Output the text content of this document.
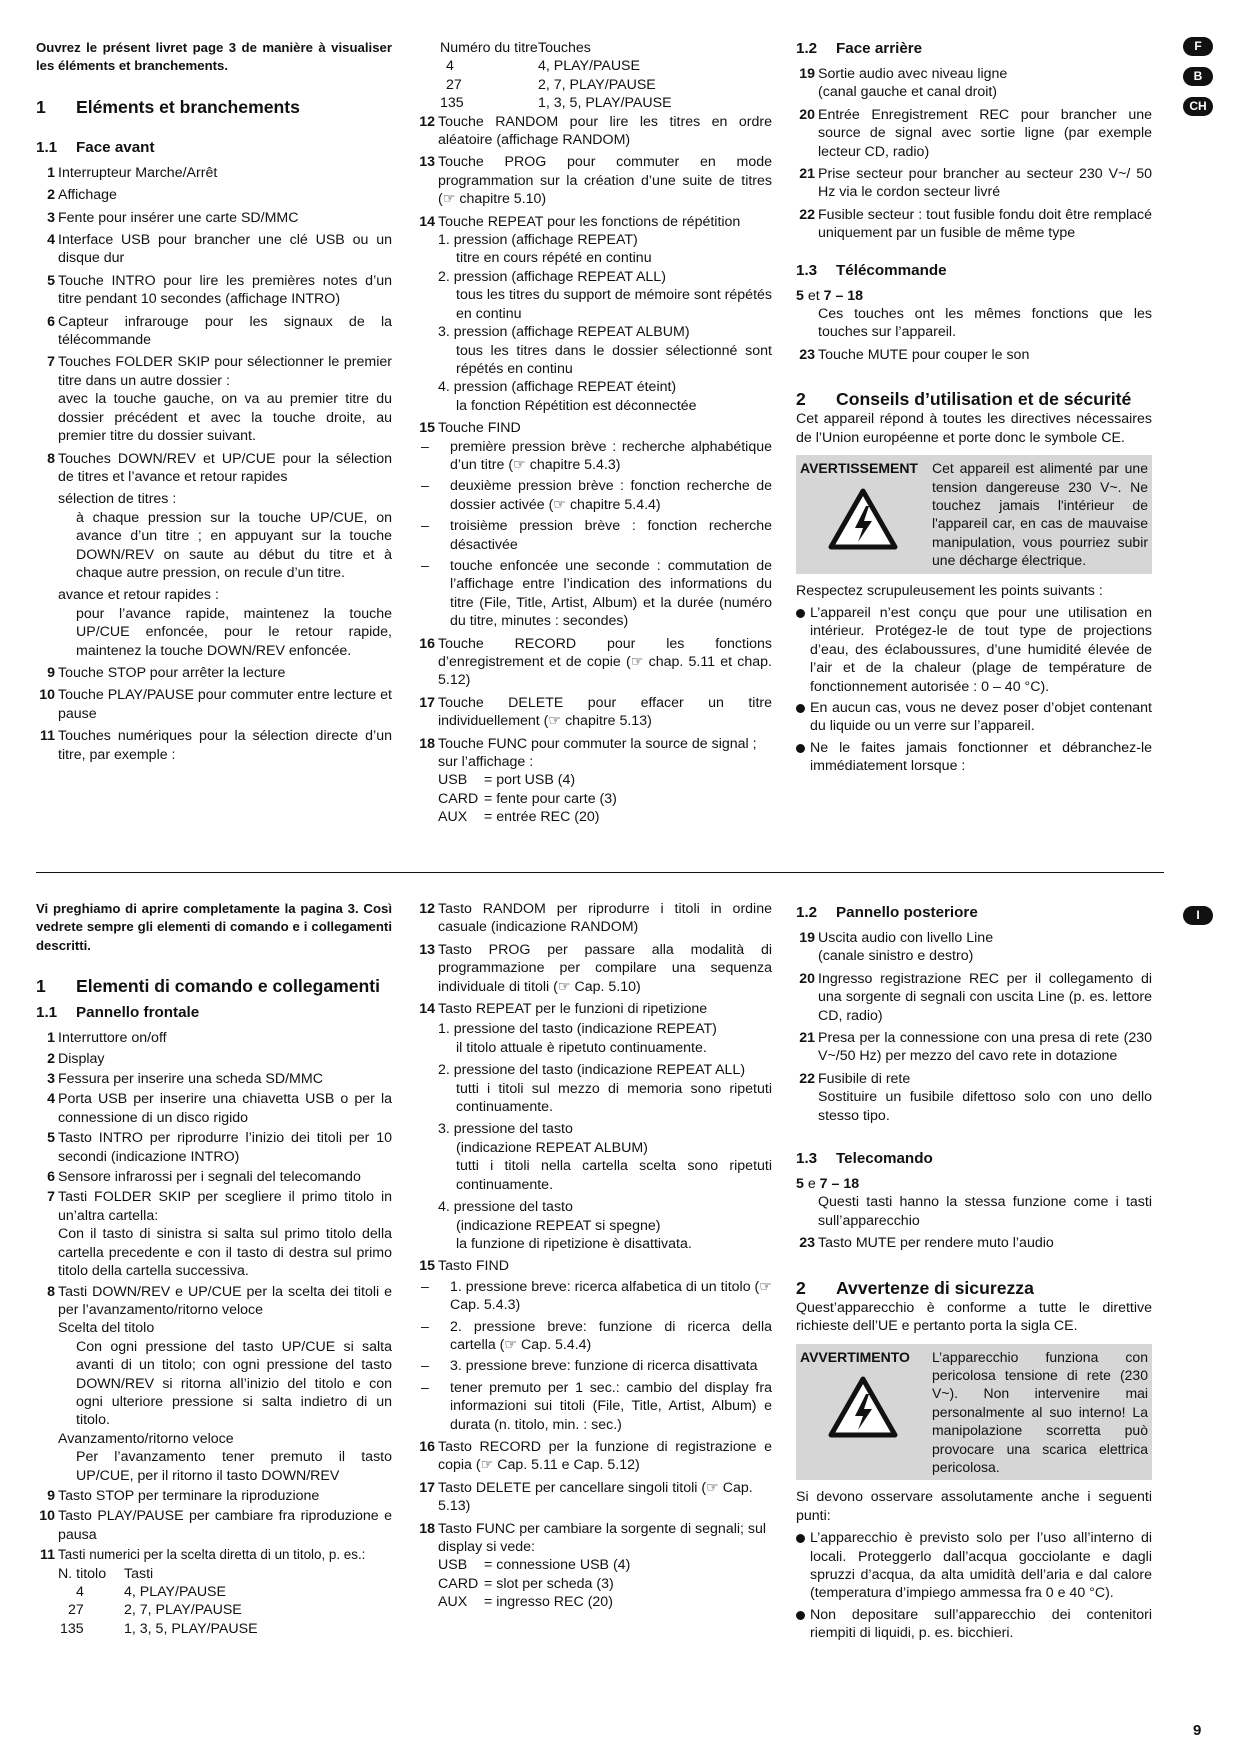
Ouvrez le présent livret page 3 de manière à visualiser les éléments et branchements.
1 Eléments et branchements
1.1 Face avant
1 Interrupteur Marche/Arrêt
2 Affichage
3 Fente pour insérer une carte SD/MMC
4 Interface USB pour brancher une clé USB ou un disque dur
5 Touche INTRO pour lire les premières notes d’un titre pendant 10 secondes (affichage INTRO)
6 Capteur infrarouge pour les signaux de la télécommande
7 Touches FOLDER SKIP pour sélectionner le premier titre dans un autre dossier :
avec la touche gauche, on va au premier titre du dossier précédent et avec la touche droite, au premier titre du dossier suivant.
8 Touches DOWN/REV et UP/CUE pour la sélection de titres et l’avance et retour rapides
sélection de titres :
à chaque pression sur la touche UP/CUE, on avance d’un titre ; en appuyant sur la touche DOWN/REV on saute au début du titre et à chaque autre pression, on recule d’un titre.
avance et retour rapides :
pour l’avance rapide, maintenez la touche UP/CUE enfoncée, pour le retour rapide, maintenez la touche DOWN/REV enfoncée.
9 Touche STOP pour arrêter la lecture
10 Touche PLAY/PAUSE pour commuter entre lecture et pause
11 Touches numériques pour la sélection directe d’un titre, par exemple :
Numéro du titre Touches
4	4, PLAY/PAUSE
27	2, 7, PLAY/PAUSE
135	1, 3, 5, PLAY/PAUSE
12 Touche RANDOM pour lire les titres en ordre aléatoire (affichage RANDOM)
13 Touche PROG pour commuter en mode programmation sur la création d’une suite de titres (☞ chapitre 5.10)
14 Touche REPEAT pour les fonctions de répétition
1. pression (affichage REPEAT)
titre en cours répété en continu
2. pression (affichage REPEAT ALL)
tous les titres du support de mémoire sont répétés en continu
3. pression (affichage REPEAT ALBUM)
tous les titres dans le dossier sélectionné sont répétés en continu
4. pression (affichage REPEAT éteint)
la fonction Répétition est déconnectée
15 Touche FIND
–	première pression brève : recherche alphabétique d’un titre (☞ chapitre 5.4.3)
–	deuxième pression brève : fonction recherche de dossier activée (☞ chapitre 5.4.4)
–	troisième pression brève : fonction recherche désactivée
–	touche enfoncée une seconde : commutation de l’affichage entre l’indication des informations du titre (File, Title, Artist, Album) et la durée (numéro du titre, minutes : secondes)
16 Touche RECORD pour les fonctions d’enregistrement et de copie (☞ chap. 5.11 et chap. 5.12)
17 Touche DELETE pour effacer un titre individuellement (☞ chapitre 5.13)
18 Touche FUNC pour commuter la source de signal ; sur l’affichage :
USB	= port USB (4)
CARD = fente pour carte (3)
AUX	= entrée REC (20)
1.2 Face arrière
19 Sortie audio avec niveau ligne
(canal gauche et canal droit)
20 Entrée Enregistrement REC pour brancher une source de signal avec sortie ligne (par exemple lecteur CD, radio)
21 Prise secteur pour brancher au secteur 230 V~/ 50 Hz via le cordon secteur livré
22 Fusible secteur : tout fusible fondu doit être remplacé uniquement par un fusible de même type
1.3 Télécommande
5 et 7 – 18
Ces touches ont les mêmes fonctions que les touches sur l’appareil.
23 Touche MUTE pour couper le son
2 Conseils d’utilisation et de sécurité
Cet appareil répond à toutes les directives nécessaires de l’Union européenne et porte donc le symbole CE.
AVERTISSEMENT	Cet appareil est alimenté par une tension dangereuse 230 V~. Ne touchez jamais l'intérieur de l'appareil car, en cas de mauvaise manipulation, vous pourriez subir une décharge électrique.
Respectez scrupuleusement les points suivants :
L’appareil n’est conçu que pour une utilisation en intérieur. Protégez-le de tout type de projections d’eau, des éclaboussures, d’une humidité élevée de l’air et de la chaleur (plage de température de fonctionnement autorisée : 0 – 40 °C).
En aucun cas, vous ne devez poser d’objet contenant du liquide ou un verre sur l’appareil.
Ne le faites jamais fonctionner et débranchez-le immédiatement lorsque :
Vi preghiamo di aprire completamente la pagina 3. Così vedrete sempre gli elementi di comando e i collegamenti descritti.
1 Elementi di comando e collegamenti
1.1 Pannello frontale
1 Interruttore on/off
2 Display
3 Fessura per inserire una scheda SD/MMC
4 Porta USB per inserire una chiavetta USB o per la connessione di un disco rigido
5 Tasto INTRO per riprodurre l’inizio dei titoli per 10 secondi (indicazione INTRO)
6 Sensore infrarossi per i segnali del telecomando
7 Tasti FOLDER SKIP per scegliere il primo titolo in un’altra cartella:
Con il tasto di sinistra si salta sul primo titolo della cartella precedente e con il tasto di destra sul primo titolo della cartella successiva.
8 Tasti DOWN/REV e UP/CUE per la scelta dei titoli e per l’avanzamento/ritorno veloce
Scelta del titolo
Con ogni pressione del tasto UP/CUE si salta avanti di un titolo; con ogni pressione del tasto DOWN/REV si ritorna all’inizio del titolo e con ogni ulteriore pressione si salta indietro di un titolo.
Avanzamento/ritorno veloce
Per l’avanzamento tener premuto il tasto UP/CUE, per il ritorno il tasto DOWN/REV
9 Tasto STOP per terminare la riproduzione
10 Tasto PLAY/PAUSE per cambiare fra riproduzione e pausa
11 Tasti numerici per la scelta diretta di un titolo, p. es.:
N. titolo	Tasti
4	4, PLAY/PAUSE
27	2, 7, PLAY/PAUSE
135	1, 3, 5, PLAY/PAUSE
12 Tasto RANDOM per riprodurre i titoli in ordine casuale (indicazione RANDOM)
13 Tasto PROG per passare alla modalità di programmazione per compilare una sequenza individuale di titoli (☞ Cap. 5.10)
14 Tasto REPEAT per le funzioni di ripetizione
1. pressione del tasto (indicazione REPEAT)
il titolo attuale è ripetuto continuamente.
2. pressione del tasto (indicazione REPEAT ALL)
tutti i titoli sul mezzo di memoria sono ripetuti continuamente.
3. pressione del tasto
(indicazione REPEAT ALBUM)
tutti i titoli nella cartella scelta sono ripetuti continuamente.
4. pressione del tasto
(indicazione REPEAT si spegne)
la funzione di ripetizione è disattivata.
15 Tasto FIND
–	1. pressione breve: ricerca alfabetica di un titolo (☞ Cap. 5.4.3)
–	2. pressione breve: funzione di ricerca della cartella (☞ Cap. 5.4.4)
–	3. pressione breve: funzione di ricerca disattivata
–	tener premuto per 1 sec.: cambio del display fra informazioni sui titoli (File, Title, Artist, Album) e durata (n. titolo, min. : sec.)
16 Tasto RECORD per la funzione di registrazione e copia (☞ Cap. 5.11 e Cap. 5.12)
17 Tasto DELETE per cancellare singoli titoli (☞ Cap. 5.13)
18 Tasto FUNC per cambiare la sorgente di segnali; sul display si vede:
USB	= connessione USB (4)
CARD = slot per scheda (3)
AUX	= ingresso REC (20)
1.2 Pannello posteriore
19 Uscita audio con livello Line
(canale sinistro e destro)
20 Ingresso registrazione REC per il collegamento di una sorgente di segnali con uscita Line (p. es. lettore CD, radio)
21 Presa per la connessione con una presa di rete (230 V~/50 Hz) per mezzo del cavo rete in dotazione
22 Fusibile di rete
Sostituire un fusibile difettoso solo con uno dello stesso tipo.
1.3 Telecomando
5 e 7 – 18
Questi tasti hanno la stessa funzione come i tasti sull’apparecchio
23 Tasto MUTE per rendere muto l’audio
2 Avvertenze di sicurezza
Quest’apparecchio è conforme a tutte le direttive richieste dell’UE e pertanto porta la sigla CE.
AVVERTIMENTO	L’apparecchio funziona con pericolosa tensione di rete (230 V~). Non intervenire mai personalmente al suo interno! La manipolazione scorretta può provocare una scarica elettrica pericolosa.
Si devono osservare assolutamente anche i seguenti punti:
L’apparecchio è previsto solo per l’uso all’interno di locali. Proteggerlo dall’acqua gocciolante e dagli spruzzi d’acqua, da alta umidità dell’aria e dal calore (temperatura d’impiego ammessa fra 0 e 40 °C).
Non depositare sull’apparecchio dei contenitori riempiti di liquidi, p. es. bicchieri.
F
B
CH
I
9
